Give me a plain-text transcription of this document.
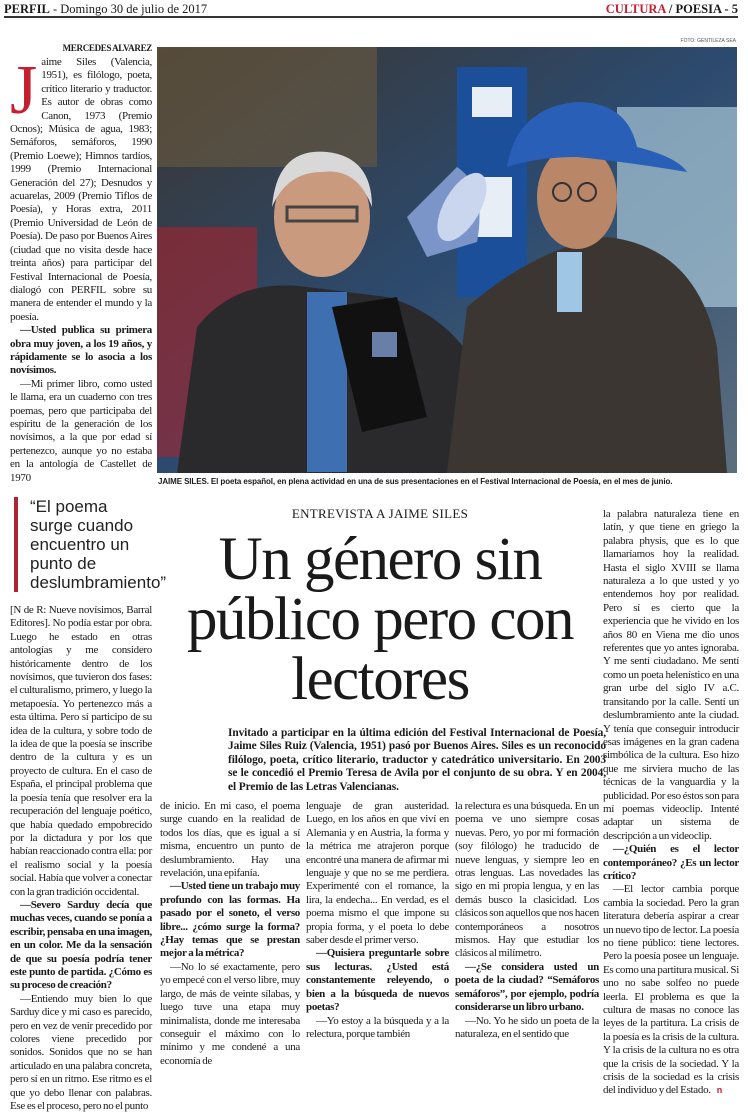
PERFIL - Domingo 30 de julio de 2017	CULTURA / POESIA - 5
FOTO: GENTILEZA SEA
JAIME SILES. El poeta español, en plena actividad en una de sus presentaciones en el Festival Internacional de Poesía, en el mes de junio.

MERCEDES ALVAREZ

J aime Siles (Valencia, 1951), es filólogo, poeta, crítico literario y traductor. Es autor de obras como Canon, 1973 (Premio Ocnos); Música de agua, 1983; Semáforos, semáforos, 1990 (Premio Loewe); Himnos tardíos, 1999 (Premio Internacional Generación del 27); Desnudos y acuarelas, 2009 (Premio Tiflos de Poesía), y Horas extra, 2011 (Premio Universidad de León de Poesía). De paso por Buenos Aires (ciudad que no visita desde hace treinta años) para participar del Festival Internacional de Poesía, dialogó con PERFIL sobre su manera de entender el mundo y la poesía.

—Usted publica su primera obra muy joven, a los 19 años, y rápidamente se lo asocia a los novísimos.

—Mi primer libro, como usted le llama, era un cuaderno con tres poemas, pero que participaba del espíritu de la generación de los novísimos, a la que por edad sí pertenezco, aunque yo no estaba en la antología de Castellet de 1970

“El poema surge cuando encuentro un punto de deslumbramiento”

[N de R: Nueve novísimos, Barral Editores]. No podía estar por obra. Luego he estado en otras antologías y me considero históricamente dentro de los novísimos, que tuvieron dos fases: el culturalismo, primero, y luego la metapoesía. Yo pertenezco más a esta última. Pero sí participo de su idea de la cultura, y sobre todo de la idea de que la poesía se inscribe dentro de la cultura y es un proyecto de cultura. En el caso de España, el principal problema que la poesía tenía que resolver era la recuperación del lenguaje poético, que había quedado empobrecido por la dictadura y por los que habían reaccionado contra ella: por el realismo social y la poesía social. Había que volver a conectar con la gran tradición occidental.

—Severo Sarduy decía que muchas veces, cuando se ponía a escribir, pensaba en una imagen, en un color. Me da la sensación de que su poesía podría tener este punto de partida. ¿Cómo es su proceso de creación?

—Entiendo muy bien lo que Sarduy dice y mi caso es parecido, pero en vez de venir precedido por colores viene precedido por sonidos. Sonidos que no se han articulado en una palabra concreta, pero sí en un ritmo. Ese ritmo es el que yo debo llenar con palabras. Ese es el proceso, pero no el punto

ENTREVISTA A JAIME SILES
Un género sin público pero con lectores
Invitado a participar en la última edición del Festival Internacional de Poesía, Jaime Siles Ruiz (Valencia, 1951) pasó por Buenos Aires. Siles es un reconocido filólogo, poeta, crítico literario, traductor y catedrático universitario. En 2003 se le concedió el Premio Teresa de Avila por el conjunto de su obra. Y en 2004, el Premio de las Letras Valencianas.

de inicio. En mi caso, el poema surge cuando en la realidad de todos los días, que es igual a sí misma, encuentro un punto de deslumbramiento. Hay una revelación, una epifanía.

—Usted tiene un trabajo muy profundo con las formas. Ha pasado por el soneto, el verso libre... ¿cómo surge la forma? ¿Hay temas que se prestan mejor a la métrica?

—No lo sé exactamente, pero yo empecé con el verso libre, muy largo, de más de veinte sílabas, y luego tuve una etapa muy minimalista, donde me interesaba conseguir el máximo con lo mínimo y me condené a una economía de

lenguaje de gran austeridad. Luego, en los años en que viví en Alemania y en Austria, la forma y la métrica me atrajeron porque encontré una manera de afirmar mi lenguaje y que no se me perdiera. Experimenté con el romance, la lira, la endecha... En verdad, es el poema mismo el que impone su propia forma, y el poeta lo debe saber desde el primer verso.

—Quisiera preguntarle sobre sus lecturas. ¿Usted está constantemente releyendo, o bien a la búsqueda de nuevos poetas?

—Yo estoy a la búsqueda y a la relectura, porque también

la relectura es una búsqueda. En un poema ve uno siempre cosas nuevas. Pero, yo por mi formación (soy filólogo) he traducido de nueve lenguas, y siempre leo en otras lenguas. Las novedades las sigo en mi propia lengua, y en las demás busco la clasicidad. Los clásicos son aquellos que nos hacen contemporáneos a nosotros mismos. Hay que estudiar los clásicos al milímetro.

—¿Se considera usted un poeta de la ciudad? “Semáforos semáforos”, por ejemplo, podría considerarse un libro urbano.

—No. Yo he sido un poeta de la naturaleza, en el sentido que

la palabra naturaleza tiene en latín, y que tiene en griego la palabra physis, que es lo que llamaríamos hoy la realidad. Hasta el siglo XVIII se llama naturaleza a lo que usted y yo entendemos hoy por realidad. Pero sí es cierto que la experiencia que he vivido en los años 80 en Viena me dio unos referentes que yo antes ignoraba. Y me sentí ciudadano. Me sentí como un poeta helenístico en una gran urbe del siglo IV a.C. transitando por la calle. Sentí un deslumbramiento ante la ciudad. Y tenía que conseguir introducir esas imágenes en la gran cadena simbólica de la cultura. Eso hizo que me sirviera mucho de las técnicas de la vanguardia y la publicidad. Por eso éstos son para mí poemas videoclip. Intenté adaptar un sistema de descripción a un videoclip.

—¿Quién es el lector contemporáneo? ¿Es un lector crítico?

—El lector cambia porque cambia la sociedad. Pero la gran literatura debería aspirar a crear un nuevo tipo de lector. La poesía no tiene público: tiene lectores. Pero la poesía posee un lenguaje. Es como una partitura musical. Si uno no sabe solfeo no puede leerla. El problema es que la cultura de masas no conoce las leyes de la partitura. La crisis de la poesía es la crisis de la cultura. Y la crisis de la cultura no es otra que la crisis de la sociedad. Y la crisis de la sociedad es la crisis del individuo y del Estado. n
